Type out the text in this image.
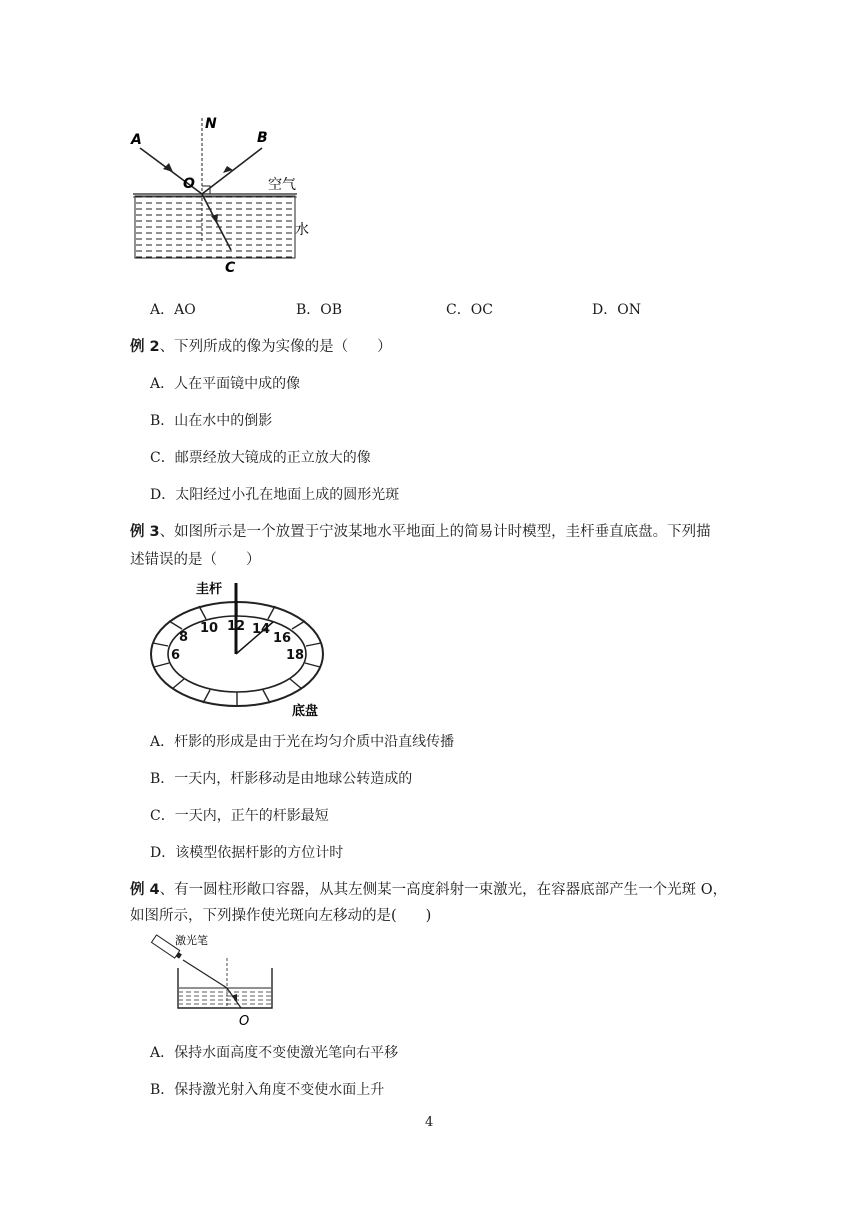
A
N
B
O
C
空气
水
A．AO	B．OB	C．OC	D．ON
例 2、下列所成的像为实像的是（　　）
A．人在平面镜中成的像
B．山在水中的倒影
C．邮票经放大镜成的正立放大的像
D．太阳经过小孔在地面上成的圆形光斑
例 3、如图所示是一个放置于宁波某地水平地面上的简易计时模型，圭杆垂直底盘。下列描
述错误的是（　　）
6
8
10 12 14
16
18
圭杆
底盘
A．杆影的形成是由于光在均匀介质中沿直线传播
B．一天内，杆影移动是由地球公转造成的
C．一天内，正午的杆影最短
D．该模型依据杆影的方位计时
例 4、有一圆柱形敞口容器，从其左侧某一高度斜射一束激光，在容器底部产生一个光斑 O，
如图所示，下列操作使光斑向左移动的是(　　)
激光笔
O
A．保持水面高度不变使激光笔向右平移
B．保持激光射入角度不变使水面上升
4
